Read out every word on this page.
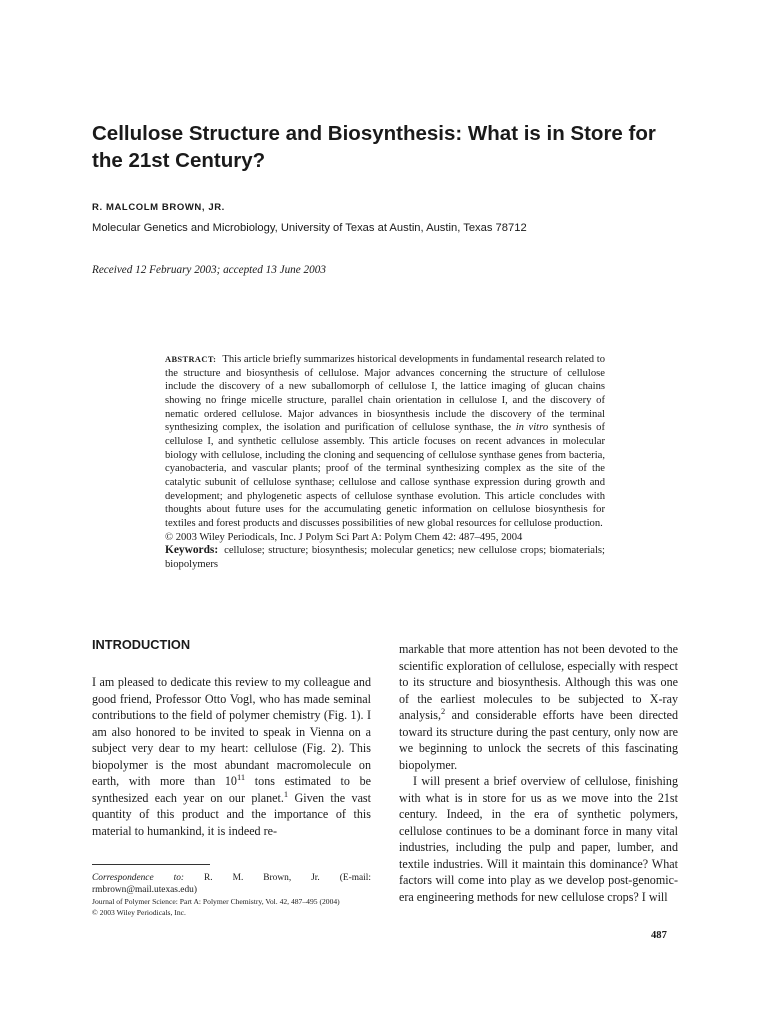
Cellulose Structure and Biosynthesis: What is in Store for the 21st Century?
R. MALCOLM BROWN, JR.
Molecular Genetics and Microbiology, University of Texas at Austin, Austin, Texas 78712
Received 12 February 2003; accepted 13 June 2003

ABSTRACT: This article briefly summarizes historical developments in fundamental research related to the structure and biosynthesis of cellulose. Major advances concerning the structure of cellulose include the discovery of a new suballomorph of cellulose I, the lattice imaging of glucan chains showing no fringe micelle structure, parallel chain orientation in cellulose I, and the discovery of nematic ordered cellulose. Major advances in biosynthesis include the discovery of the terminal synthesizing complex, the isolation and purification of cellulose synthase, the in vitro synthesis of cellulose I, and synthetic cellulose assembly. This article focuses on recent advances in molecular biology with cellulose, including the cloning and sequencing of cellulose synthase genes from bacteria, cyanobacteria, and vascular plants; proof of the terminal synthesizing complex as the site of the catalytic subunit of cellulose synthase; cellulose and callose synthase expression during growth and development; and phylogenetic aspects of cellulose synthase evolution. This article concludes with thoughts about future uses for the accumulating genetic information on cellulose biosynthesis for textiles and forest products and discusses possibilities of new global resources for cellulose production.

© 2003 Wiley Periodicals, Inc. J Polym Sci Part A: Polym Chem 42: 487–495, 2004

Keywords: cellulose; structure; biosynthesis; molecular genetics; new cellulose crops; biomaterials; biopolymers

INTRODUCTION

I am pleased to dedicate this review to my colleague and good friend, Professor Otto Vogl, who has made seminal contributions to the field of polymer chemistry (Fig. 1). I am also honored to be invited to speak in Vienna on a subject very dear to my heart: cellulose (Fig. 2). This biopolymer is the most abundant macromolecule on earth, with more than $10^{11}$ tons estimated to be synthesized each year on our planet.$^1$ Given the vast quantity of this product and the importance of this material to humankind, it is indeed re-

markable that more attention has not been devoted to the scientific exploration of cellulose, especially with respect to its structure and biosynthesis. Although this was one of the earliest molecules to be subjected to X-ray analysis,$^2$ and considerable efforts have been directed toward its structure during the past century, only now are we beginning to unlock the secrets of this fascinating biopolymer.

I will present a brief overview of cellulose, finishing with what is in store for us as we move into the 21st century. Indeed, in the era of synthetic polymers, cellulose continues to be a dominant force in many vital industries, including the pulp and paper, lumber, and textile industries. Will it maintain this dominance? What factors will come into play as we develop post-genomic-era engineering methods for new cellulose crops? I will

Correspondence to: R. M. Brown, Jr. (E-mail: rmbrown@mail.utexas.edu)
Journal of Polymer Science: Part A: Polymer Chemistry, Vol. 42, 487–495 (2004)
© 2003 Wiley Periodicals, Inc.
487
